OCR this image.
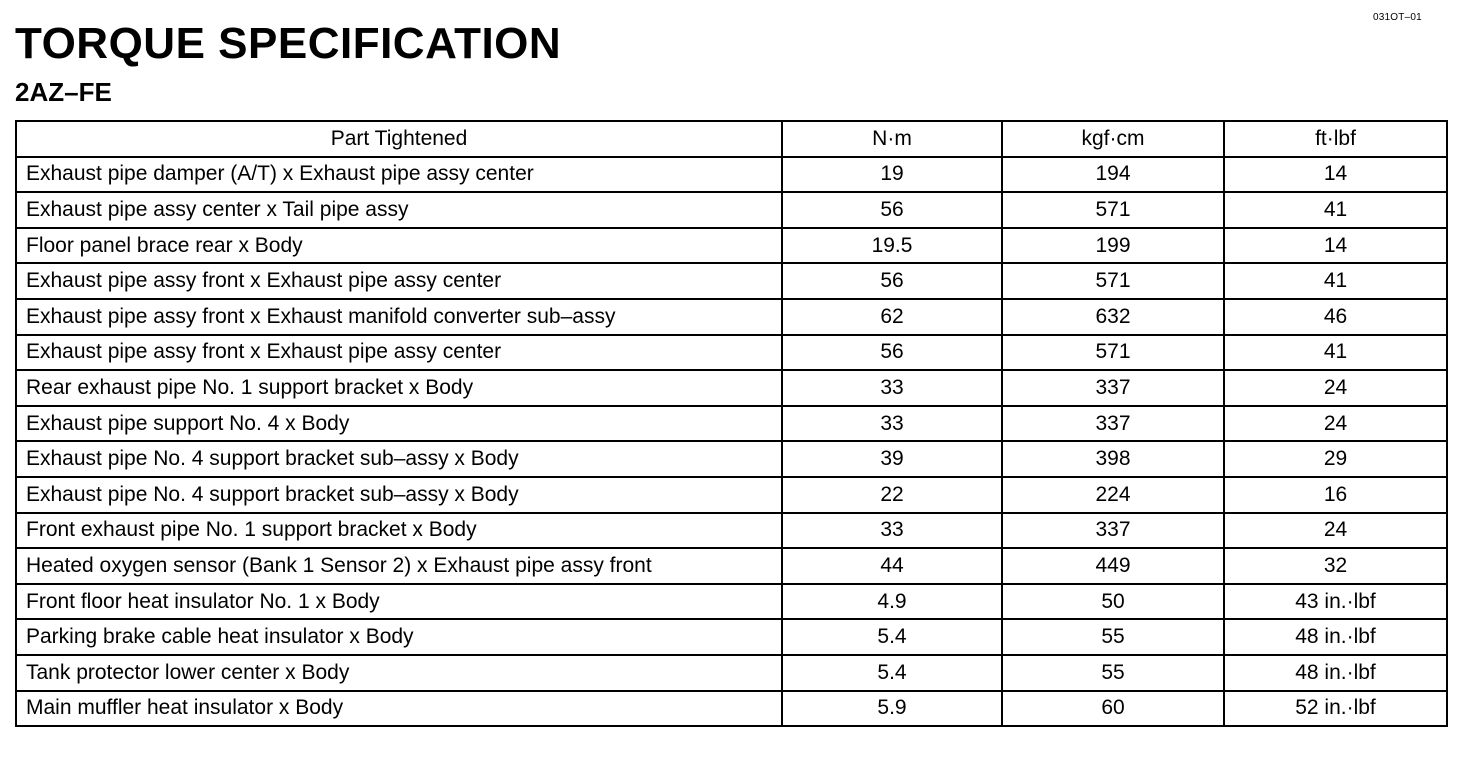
031OT–01
TORQUE SPECIFICATION
2AZ–FE
Part Tightened	N·m	kgf·cm	ft·lbf
Exhaust pipe damper (A/T) x Exhaust pipe assy center	19	194	14
Exhaust pipe assy center x Tail pipe assy	56	571	41
Floor panel brace rear x Body	19.5	199	14
Exhaust pipe assy front x Exhaust pipe assy center	56	571	41
Exhaust pipe assy front x Exhaust manifold converter sub–assy	62	632	46
Exhaust pipe assy front x Exhaust pipe assy center	56	571	41
Rear exhaust pipe No. 1 support bracket x Body	33	337	24
Exhaust pipe support No. 4 x Body	33	337	24
Exhaust pipe No. 4 support bracket sub–assy x Body	39	398	29
Exhaust pipe No. 4 support bracket sub–assy x Body	22	224	16
Front exhaust pipe No. 1 support bracket x Body	33	337	24
Heated oxygen sensor (Bank 1 Sensor 2) x Exhaust pipe assy front	44	449	32
Front floor heat insulator No. 1 x Body	4.9	50	43 in.·lbf
Parking brake cable heat insulator x Body	5.4	55	48 in.·lbf
Tank protector lower center x Body	5.4	55	48 in.·lbf
Main muffler heat insulator x Body	5.9	60	52 in.·lbf
